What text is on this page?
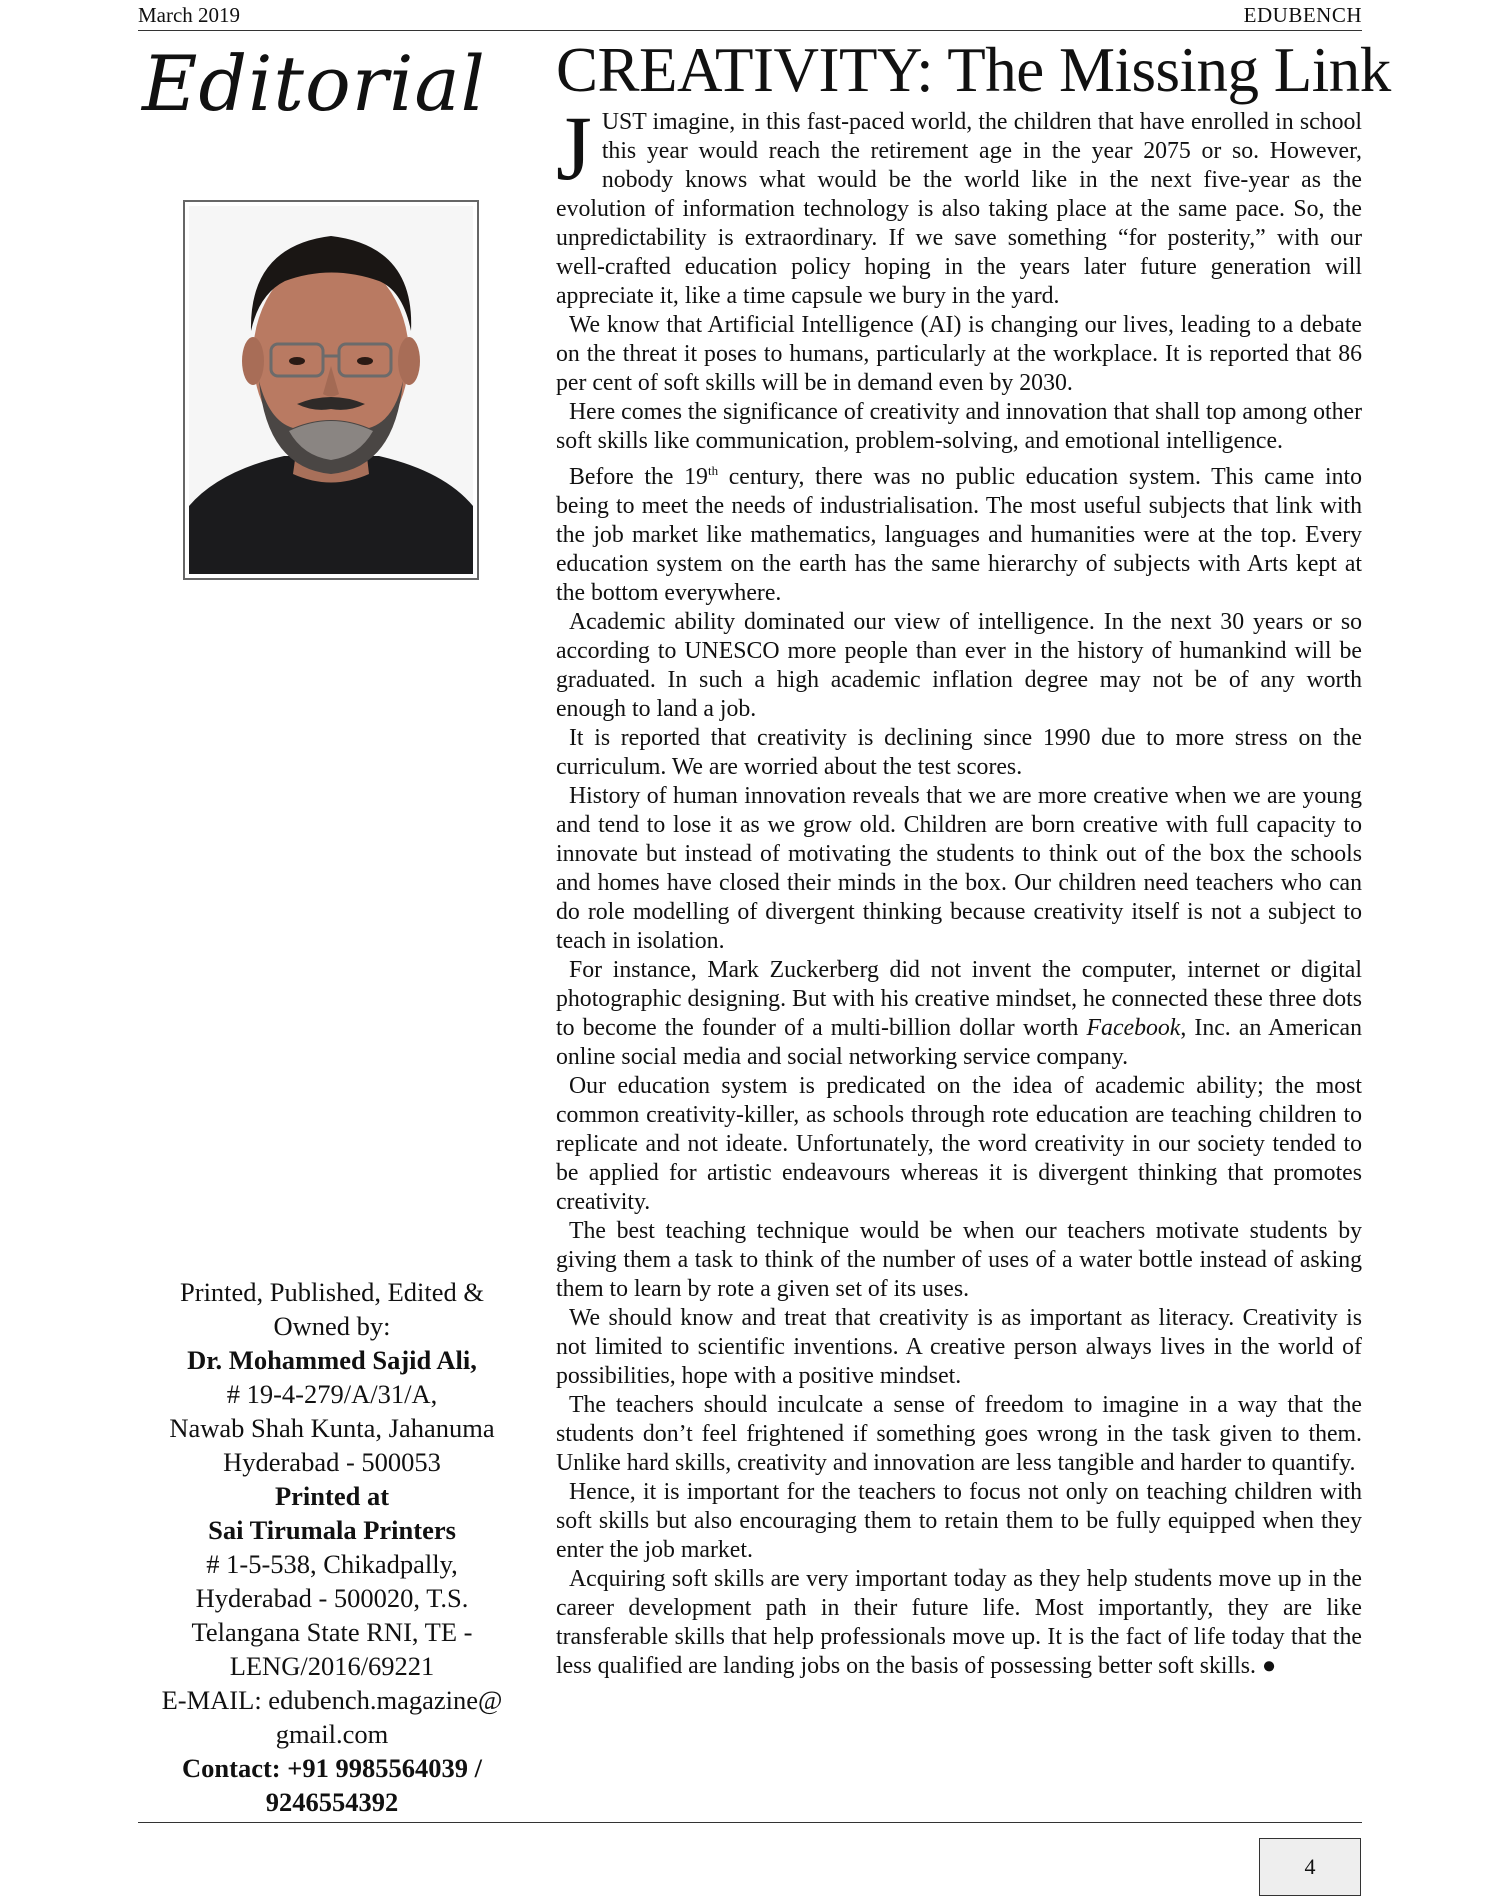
March 2019	EDUBENCH
Editorial CREATIVITY: The Missing Link

JUST imagine, in this fast-paced world, the children that have enrolled in school this year would reach the retirement age in the year 2075 or so. However, nobody knows what would be the world like in the next five-year as the evolution of information technology is also taking place at the same pace. So, the unpredictability is extraordinary. If we save something “for posterity,” with our well-crafted education policy hoping in the years later future generation will appreciate it, like a time capsule we bury in the yard.

We know that Artificial Intelligence (AI) is changing our lives, leading to a debate on the threat it poses to humans, particularly at the workplace. It is reported that 86 per cent of soft skills will be in demand even by 2030.

Here comes the significance of creativity and innovation that shall top among other soft skills like communication, problem-solving, and emotional intelligence.

Before the 19th century, there was no public education system. This came into being to meet the needs of industrialisation. The most useful subjects that link with the job market like mathematics, languages and humanities were at the top. Every education system on the earth has the same hierarchy of subjects with Arts kept at the bottom everywhere.

Academic ability dominated our view of intelligence. In the next 30 years or so according to UNESCO more people than ever in the history of humankind will be graduated. In such a high academic inflation degree may not be of any worth enough to land a job.

It is reported that creativity is declining since 1990 due to more stress on the curriculum. We are worried about the test scores.

History of human innovation reveals that we are more creative when we are young and tend to lose it as we grow old. Children are born creative with full capacity to innovate but instead of motivating the students to think out of the box the schools and homes have closed their minds in the box. Our children need teachers who can do role modelling of divergent thinking because creativity itself is not a subject to teach in isolation.

For instance, Mark Zuckerberg did not invent the computer, internet or digital photographic designing. But with his creative mindset, he connected these three dots to become the founder of a multi-billion dollar worth Facebook, Inc. an American online social media and social networking service company.

Our education system is predicated on the idea of academic ability; the most common creativity-killer, as schools through rote education are teaching children to replicate and not ideate. Unfortunately, the word creativity in our society tended to be applied for artistic endeavours whereas it is divergent thinking that promotes creativity.

The best teaching technique would be when our teachers motivate students by giving them a task to think of the number of uses of a water bottle instead of asking them to learn by rote a given set of its uses.

We should know and treat that creativity is as important as literacy. Creativity is not limited to scientific inventions. A creative person always lives in the world of possibilities, hope with a positive mindset.

The teachers should inculcate a sense of freedom to imagine in a way that the students don’t feel frightened if something goes wrong in the task given to them. Unlike hard skills, creativity and innovation are less tangible and harder to quantify.

Hence, it is important for the teachers to focus not only on teaching children with soft skills but also encouraging them to retain them to be fully equipped when they enter the job market.

Acquiring soft skills are very important today as they help students move up in the career development path in their future life. Most importantly, they are like transferable skills that help professionals move up. It is the fact of life today that the less qualified are landing jobs on the basis of possessing better soft skills. ●

Printed, Published, Edited &
Owned by:
Dr. Mohammed Sajid Ali,
# 19-4-279/A/31/A,
Nawab Shah Kunta, Jahanuma
Hyderabad - 500053
Printed at
Sai Tirumala Printers
# 1-5-538, Chikadpally,
Hyderabad - 500020, T.S.
Telangana State RNI, TE -
LENG/2016/69221
E-MAIL: edubench.magazine@
gmail.com
Contact: +91 9985564039 /
9246554392
4
